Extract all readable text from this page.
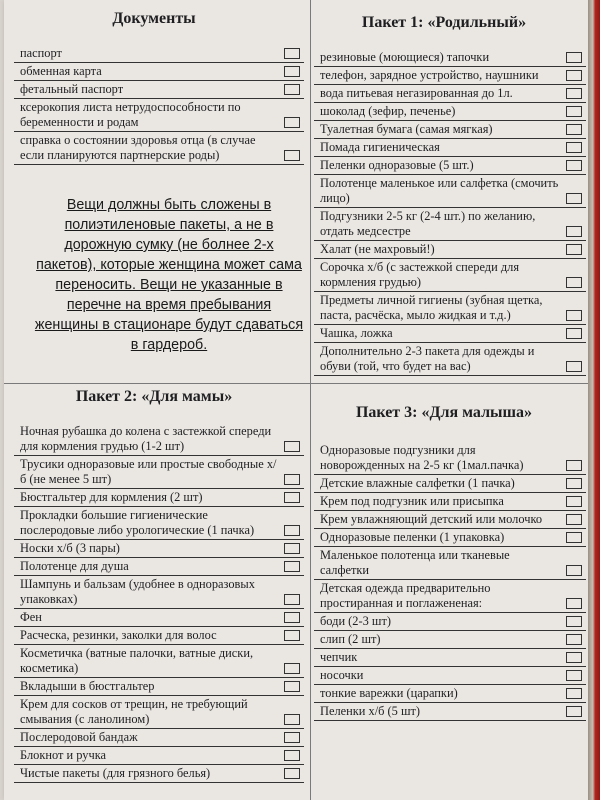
Документы
паспорт
обменная карта
фетальный паспорт
ксерокопия листа нетрудоспособности по беременности и родам
справка о состоянии здоровья отца (в случае если планируются партнерские роды)
Вещи должны быть сложены в полиэтиленовые пакеты, а не в дорожную сумку (не болнее 2-х пакетов), которые женщина может сама переносить. Вещи не указанные в перечне на время пребывания женщины в стационаре будут сдаваться в гардероб.
Пакет 1: «Родильный»
резиновые (моющиеся) тапочки
телефон, зарядное устройство, наушники
вода питьевая негазированная до 1л.
шоколад (зефир, печенье)
Туалетная бумага (самая мягкая)
Помада гигиеническая
Пеленки одноразовые (5 шт.)
Полотенце маленькое или салфетка (смочить лицо)
Подгузники 2-5 кг (2-4 шт.) по желанию, отдать медсестре
Халат (не махровый!)
Сорочка х/б (с застежкой спереди для кормления грудью)
Предметы личной гигиены (зубная щетка, паста, расчёска, мыло жидкая и т.д.)
Чашка, ложка
Дополнительно 2-3 пакета для одежды и обуви (той, что будет на вас)
Пакет 2: «Для мамы»
Ночная рубашка до колена с застежкой спереди для кормления грудью (1-2 шт)
Трусики одноразовые или простые свободные х/б (не менее 5 шт)
Бюстгальтер для кормления (2 шт)
Прокладки большие гигиенические послеродовые либо урологические (1 пачка)
Носки х/б (3 пары)
Полотенце для душа
Шампунь и бальзам (удобнее в одноразовых упаковках)
Фен
Расческа, резинки, заколки для волос
Косметичка (ватные палочки, ватные диски, косметика)
Вкладыши в бюстгальтер
Крем для сосков от трещин, не требующий смывания (с ланолином)
Послеродовой бандаж
Блокнот и ручка
Чистые пакеты (для грязного белья)
Пакет 3: «Для малыша»
Одноразовые подгузники для новорожденных на 2-5 кг (1мал.пачка)
Детские влажные салфетки (1 пачка)
Крем под подгузник или присыпка
Крем увлажняющий детский или молочко
Одноразовые пеленки (1 упаковка)
Маленькое полотенца или тканевые салфетки
Детская одежда предварительно простиранная и поглажененая:
боди (2-3 шт)
слип (2 шт)
чепчик
носочки
тонкие варежки (царапки)
Пеленки х/б (5 шт)
